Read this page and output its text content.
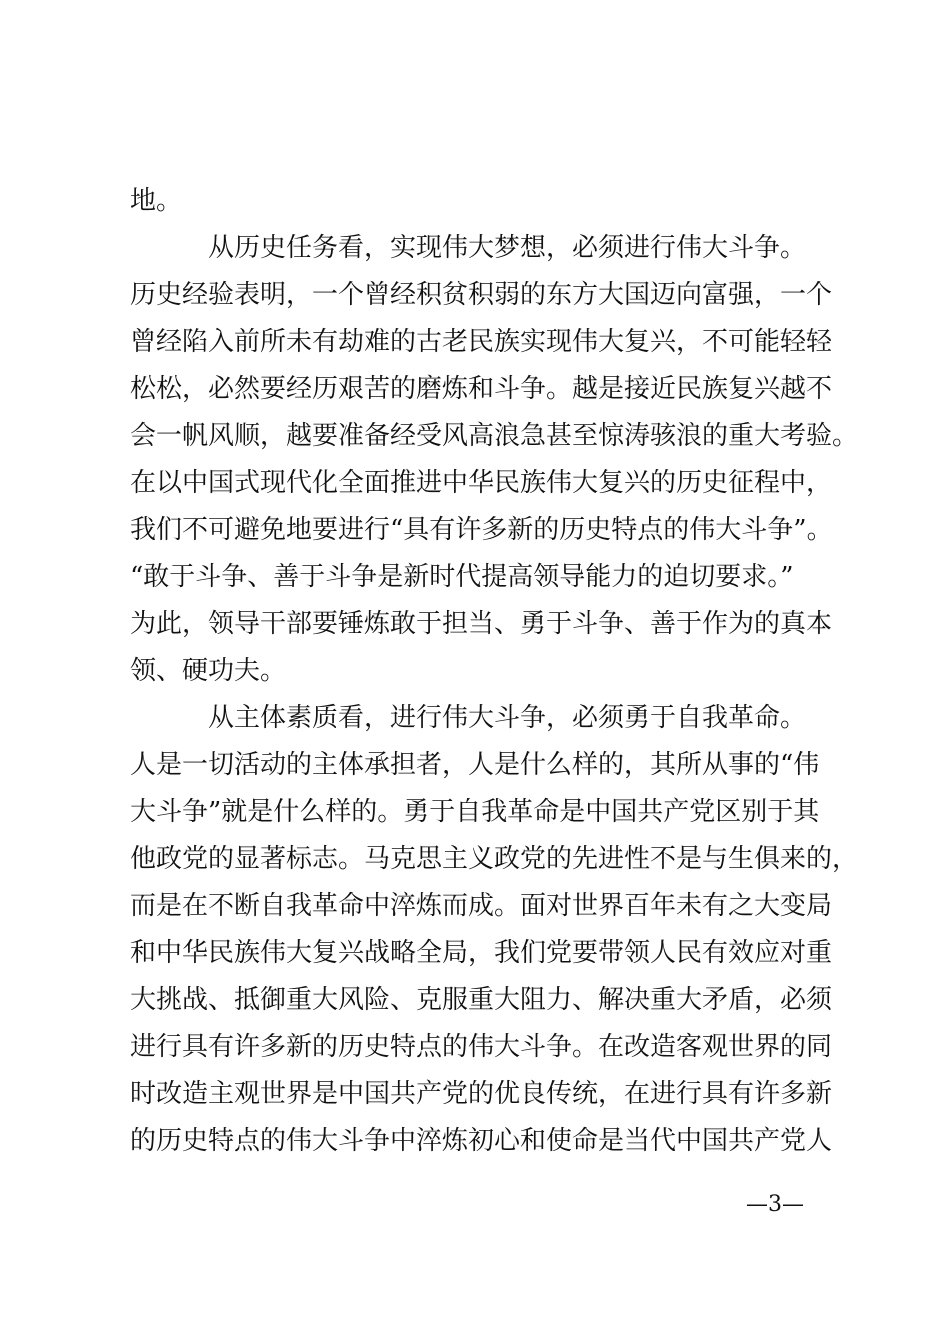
地。
从历史任务看，实现伟大梦想，必须进行伟大斗争。
历史经验表明，一个曾经积贫积弱的东方大国迈向富强，一个
曾经陷入前所未有劫难的古老民族实现伟大复兴，不可能轻轻
松松，必然要经历艰苦的磨炼和斗争。越是接近民族复兴越不
会一帆风顺，越要准备经受风高浪急甚至惊涛骇浪的重大考验。
在以中国式现代化全面推进中华民族伟大复兴的历史征程中，
我们不可避免地要进行“具有许多新的历史特点的伟大斗争”。
“敢于斗争、善于斗争是新时代提高领导能力的迫切要求。”
为此，领导干部要锤炼敢于担当、勇于斗争、善于作为的真本
领、硬功夫。
从主体素质看，进行伟大斗争，必须勇于自我革命。
人是一切活动的主体承担者，人是什么样的，其所从事的“伟
大斗争”就是什么样的。勇于自我革命是中国共产党区别于其
他政党的显著标志。马克思主义政党的先进性不是与生俱来的，
而是在不断自我革命中淬炼而成。面对世界百年未有之大变局
和中华民族伟大复兴战略全局，我们党要带领人民有效应对重
大挑战、抵御重大风险、克服重大阻力、解决重大矛盾，必须
进行具有许多新的历史特点的伟大斗争。在改造客观世界的同
时改造主观世界是中国共产党的优良传统，在进行具有许多新
的历史特点的伟大斗争中淬炼初心和使命是当代中国共产党人
—3—
